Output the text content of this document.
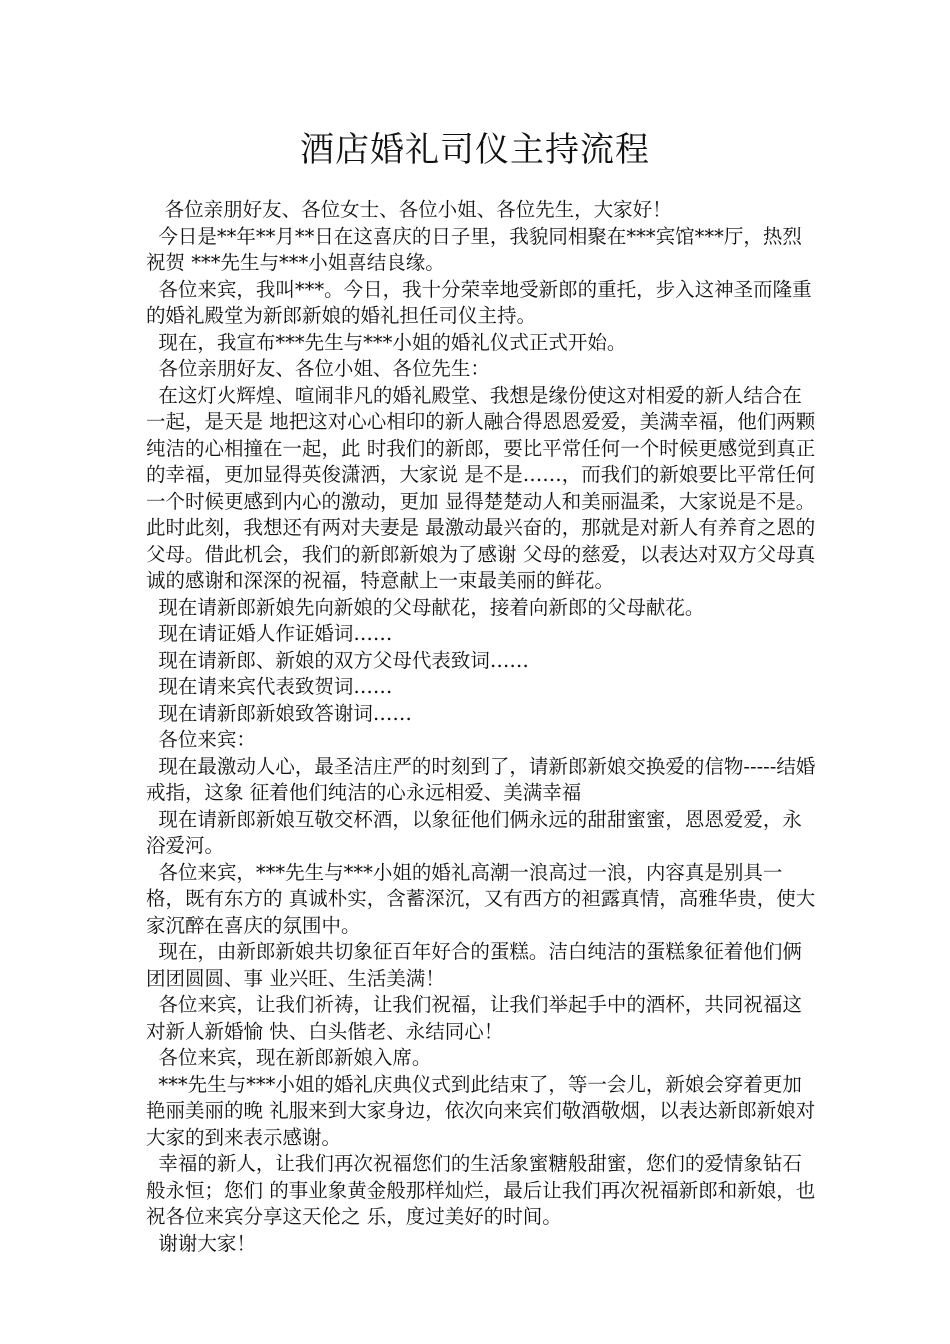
酒店婚礼司仪主持流程

各位亲朋好友、各位女士、各位小姐、各位先生，大家好！

今日是**年**月**日在这喜庆的日子里，我貌同相聚在***宾馆***厅，热烈祝贺 ***先生与***小姐喜结良缘。

各位来宾，我叫***。今日，我十分荣幸地受新郎的重托，步入这神圣而隆重的婚礼殿堂为新郎新娘的婚礼担任司仪主持。

现在，我宣布***先生与***小姐的婚礼仪式正式开始。

各位亲朋好友、各位小姐、各位先生：

在这灯火辉煌、喧闹非凡的婚礼殿堂、我想是缘份使这对相爱的新人结合在一起，是天是 地把这对心心相印的新人融合得恩恩爱爱，美满幸福，他们两颗纯洁的心相撞在一起，此 时我们的新郎，要比平常任何一个时候更感觉到真正的幸福，更加显得英俊潇洒，大家说 是不是……，而我们的新娘要比平常任何一个时候更感到内心的激动，更加 显得楚楚动人和美丽温柔，大家说是不是。此时此刻，我想还有两对夫妻是 最激动最兴奋的，那就是对新人有养育之恩的父母。借此机会，我们的新郎新娘为了感谢 父母的慈爱，以表达对双方父母真诚的感谢和深深的祝福，特意献上一束最美丽的鲜花。

现在请新郎新娘先向新娘的父母献花，接着向新郎的父母献花。

现在请证婚人作证婚词……

现在请新郎、新娘的双方父母代表致词……

现在请来宾代表致贺词……

现在请新郎新娘致答谢词……

各位来宾：

现在最激动人心，最圣洁庄严的时刻到了，请新郎新娘交换爱的信物-----结婚戒指，这象 征着他们纯洁的心永远相爱、美满幸福

现在请新郎新娘互敬交杯酒，以象征他们俩永远的甜甜蜜蜜，恩恩爱爱，永浴爱河。

各位来宾，***先生与***小姐的婚礼高潮一浪高过一浪，内容真是别具一格，既有东方的 真诚朴实，含蓄深沉，又有西方的袒露真情，高雅华贵，使大家沉醉在喜庆的氛围中。

现在，由新郎新娘共切象征百年好合的蛋糕。洁白纯洁的蛋糕象征着他们俩团团圆圆、事 业兴旺、生活美满！

各位来宾，让我们祈祷，让我们祝福，让我们举起手中的酒杯，共同祝福这对新人新婚愉 快、白头偕老、永结同心！

各位来宾，现在新郎新娘入席。

***先生与***小姐的婚礼庆典仪式到此结束了，等一会儿，新娘会穿着更加艳丽美丽的晚 礼服来到大家身边，依次向来宾们敬酒敬烟，以表达新郎新娘对大家的到来表示感谢。

幸福的新人，让我们再次祝福您们的生活象蜜糖般甜蜜，您们的爱情象钻石般永恒；您们 的事业象黄金般那样灿烂，最后让我们再次祝福新郎和新娘，也祝各位来宾分享这天伦之 乐，度过美好的时间。

谢谢大家！
